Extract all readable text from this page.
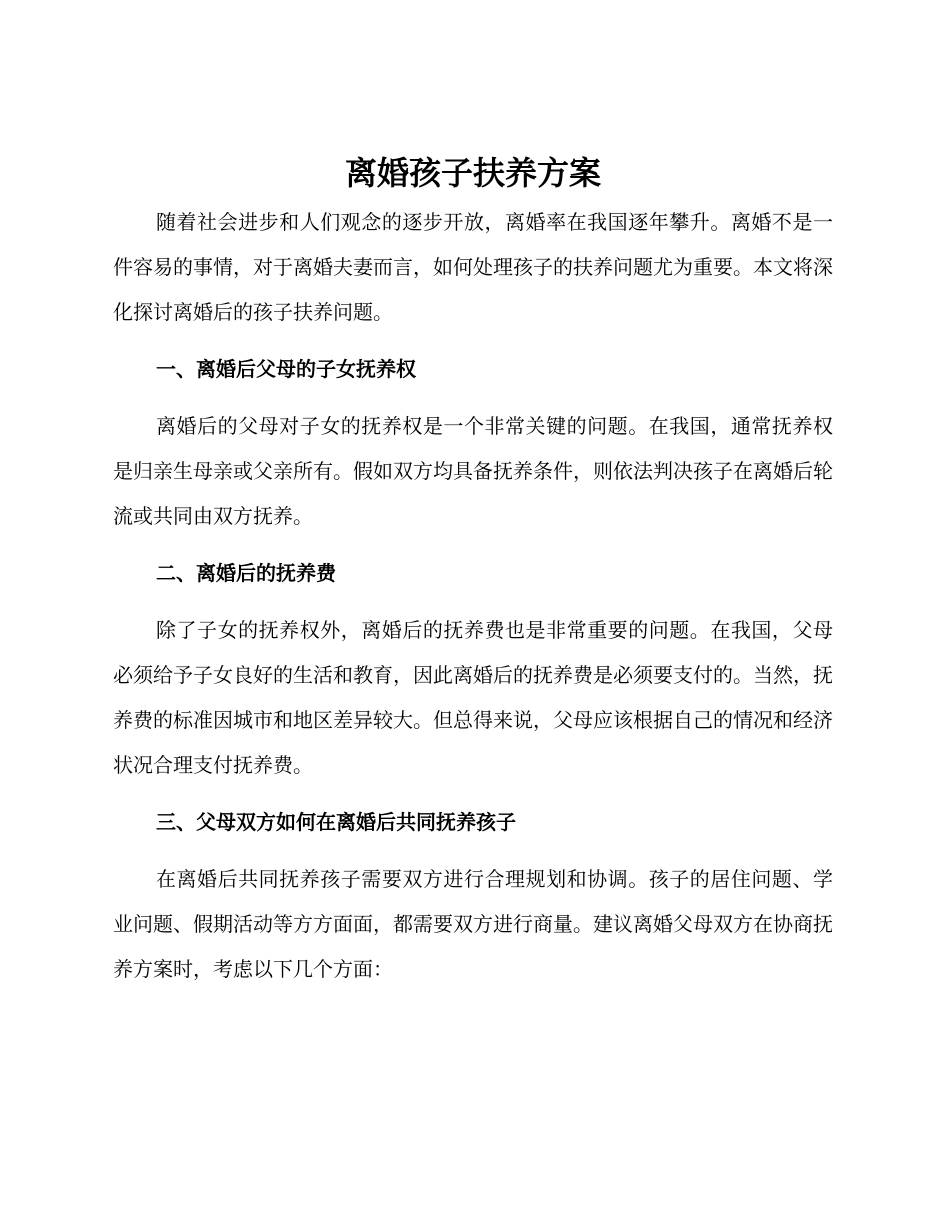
离婚孩子扶养方案

随着社会进步和人们观念的逐步开放，离婚率在我国逐年攀升。离婚不是一件容易的事情，对于离婚夫妻而言，如何处理孩子的扶养问题尤为重要。本文将深化探讨离婚后的孩子扶养问题。

一、离婚后父母的子女抚养权

离婚后的父母对子女的抚养权是一个非常关键的问题。在我国，通常抚养权是归亲生母亲或父亲所有。假如双方均具备抚养条件，则依法判决孩子在离婚后轮流或共同由双方抚养。

二、离婚后的抚养费

除了子女的抚养权外，离婚后的抚养费也是非常重要的问题。在我国，父母必须给予子女良好的生活和教育，因此离婚后的抚养费是必须要支付的。当然，抚养费的标准因城市和地区差异较大。但总得来说，父母应该根据自己的情况和经济状况合理支付抚养费。

三、父母双方如何在离婚后共同抚养孩子

在离婚后共同抚养孩子需要双方进行合理规划和协调。孩子的居住问题、学业问题、假期活动等方方面面，都需要双方进行商量。建议离婚父母双方在协商抚养方案时，考虑以下几个方面：
